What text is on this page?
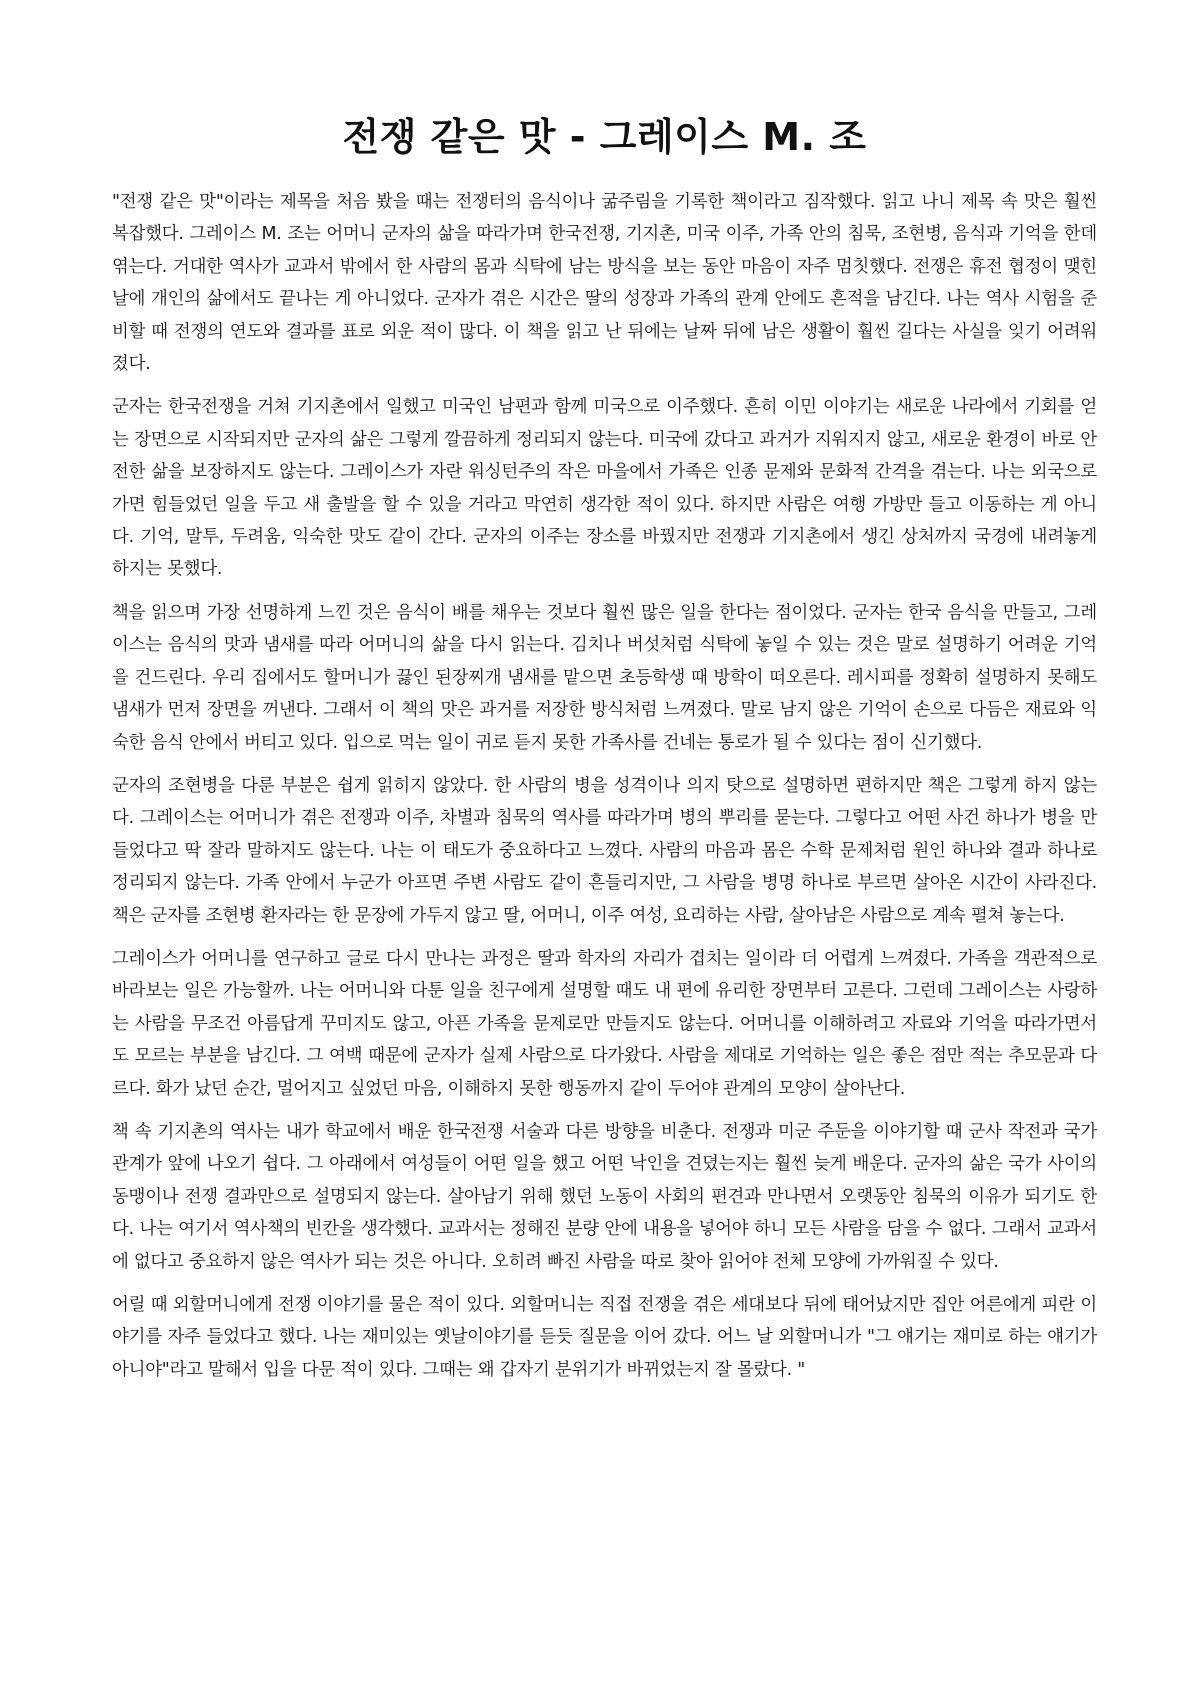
전쟁 같은 맛 - 그레이스 M. 조

"전쟁 같은 맛"이라는 제목을 처음 봤을 때는 전쟁터의 음식이나 굶주림을 기록한 책이라고 짐작했다. 읽고 나니 제목 속 맛은 훨씬 복잡했다. 그레이스 M. 조는 어머니 군자의 삶을 따라가며 한국전쟁, 기지촌, 미국 이주, 가족 안의 침묵, 조현병, 음식과 기억을 한데 엮는다. 거대한 역사가 교과서 밖에서 한 사람의 몸과 식탁에 남는 방식을 보는 동안 마음이 자주 멈칫했다. 전쟁은 휴전 협정이 맺힌 날에 개인의 삶에서도 끝나는 게 아니었다. 군자가 겪은 시간은 딸의 성장과 가족의 관계 안에도 흔적을 남긴다. 나는 역사 시험을 준비할 때 전쟁의 연도와 결과를 표로 외운 적이 많다. 이 책을 읽고 난 뒤에는 날짜 뒤에 남은 생활이 훨씬 길다는 사실을 잊기 어려워졌다.

군자는 한국전쟁을 거쳐 기지촌에서 일했고 미국인 남편과 함께 미국으로 이주했다. 흔히 이민 이야기는 새로운 나라에서 기회를 얻는 장면으로 시작되지만 군자의 삶은 그렇게 깔끔하게 정리되지 않는다. 미국에 갔다고 과거가 지워지지 않고, 새로운 환경이 바로 안전한 삶을 보장하지도 않는다. 그레이스가 자란 워싱턴주의 작은 마을에서 가족은 인종 문제와 문화적 간격을 겪는다. 나는 외국으로 가면 힘들었던 일을 두고 새 출발을 할 수 있을 거라고 막연히 생각한 적이 있다. 하지만 사람은 여행 가방만 들고 이동하는 게 아니다. 기억, 말투, 두려움, 익숙한 맛도 같이 간다. 군자의 이주는 장소를 바꿨지만 전쟁과 기지촌에서 생긴 상처까지 국경에 내려놓게 하지는 못했다.

책을 읽으며 가장 선명하게 느낀 것은 음식이 배를 채우는 것보다 훨씬 많은 일을 한다는 점이었다. 군자는 한국 음식을 만들고, 그레이스는 음식의 맛과 냄새를 따라 어머니의 삶을 다시 읽는다. 김치나 버섯처럼 식탁에 놓일 수 있는 것은 말로 설명하기 어려운 기억을 건드린다. 우리 집에서도 할머니가 끓인 된장찌개 냄새를 맡으면 초등학생 때 방학이 떠오른다. 레시피를 정확히 설명하지 못해도 냄새가 먼저 장면을 꺼낸다. 그래서 이 책의 맛은 과거를 저장한 방식처럼 느껴졌다. 말로 남지 않은 기억이 손으로 다듬은 재료와 익숙한 음식 안에서 버티고 있다. 입으로 먹는 일이 귀로 듣지 못한 가족사를 건네는 통로가 될 수 있다는 점이 신기했다.

군자의 조현병을 다룬 부분은 쉽게 읽히지 않았다. 한 사람의 병을 성격이나 의지 탓으로 설명하면 편하지만 책은 그렇게 하지 않는다. 그레이스는 어머니가 겪은 전쟁과 이주, 차별과 침묵의 역사를 따라가며 병의 뿌리를 묻는다. 그렇다고 어떤 사건 하나가 병을 만들었다고 딱 잘라 말하지도 않는다. 나는 이 태도가 중요하다고 느꼈다. 사람의 마음과 몸은 수학 문제처럼 원인 하나와 결과 하나로 정리되지 않는다. 가족 안에서 누군가 아프면 주변 사람도 같이 흔들리지만, 그 사람을 병명 하나로 부르면 살아온 시간이 사라진다. 책은 군자를 조현병 환자라는 한 문장에 가두지 않고 딸, 어머니, 이주 여성, 요리하는 사람, 살아남은 사람으로 계속 펼쳐 놓는다.

그레이스가 어머니를 연구하고 글로 다시 만나는 과정은 딸과 학자의 자리가 겹치는 일이라 더 어렵게 느껴졌다. 가족을 객관적으로 바라보는 일은 가능할까. 나는 어머니와 다툰 일을 친구에게 설명할 때도 내 편에 유리한 장면부터 고른다. 그런데 그레이스는 사랑하는 사람을 무조건 아름답게 꾸미지도 않고, 아픈 가족을 문제로만 만들지도 않는다. 어머니를 이해하려고 자료와 기억을 따라가면서도 모르는 부분을 남긴다. 그 여백 때문에 군자가 실제 사람으로 다가왔다. 사람을 제대로 기억하는 일은 좋은 점만 적는 추모문과 다르다. 화가 났던 순간, 멀어지고 싶었던 마음, 이해하지 못한 행동까지 같이 두어야 관계의 모양이 살아난다.

책 속 기지촌의 역사는 내가 학교에서 배운 한국전쟁 서술과 다른 방향을 비춘다. 전쟁과 미군 주둔을 이야기할 때 군사 작전과 국가 관계가 앞에 나오기 쉽다. 그 아래에서 여성들이 어떤 일을 했고 어떤 낙인을 견뎠는지는 훨씬 늦게 배운다. 군자의 삶은 국가 사이의 동맹이나 전쟁 결과만으로 설명되지 않는다. 살아남기 위해 했던 노동이 사회의 편견과 만나면서 오랫동안 침묵의 이유가 되기도 한다. 나는 여기서 역사책의 빈칸을 생각했다. 교과서는 정해진 분량 안에 내용을 넣어야 하니 모든 사람을 담을 수 없다. 그래서 교과서에 없다고 중요하지 않은 역사가 되는 것은 아니다. 오히려 빠진 사람을 따로 찾아 읽어야 전체 모양에 가까워질 수 있다.

어릴 때 외할머니에게 전쟁 이야기를 물은 적이 있다. 외할머니는 직접 전쟁을 겪은 세대보다 뒤에 태어났지만 집안 어른에게 피란 이야기를 자주 들었다고 했다. 나는 재미있는 옛날이야기를 듣듯 질문을 이어 갔다. 어느 날 외할머니가 "그 얘기는 재미로 하는 얘기가 아니야"라고 말해서 입을 다문 적이 있다. 그때는 왜 갑자기 분위기가 바뀌었는지 잘 몰랐다. "
